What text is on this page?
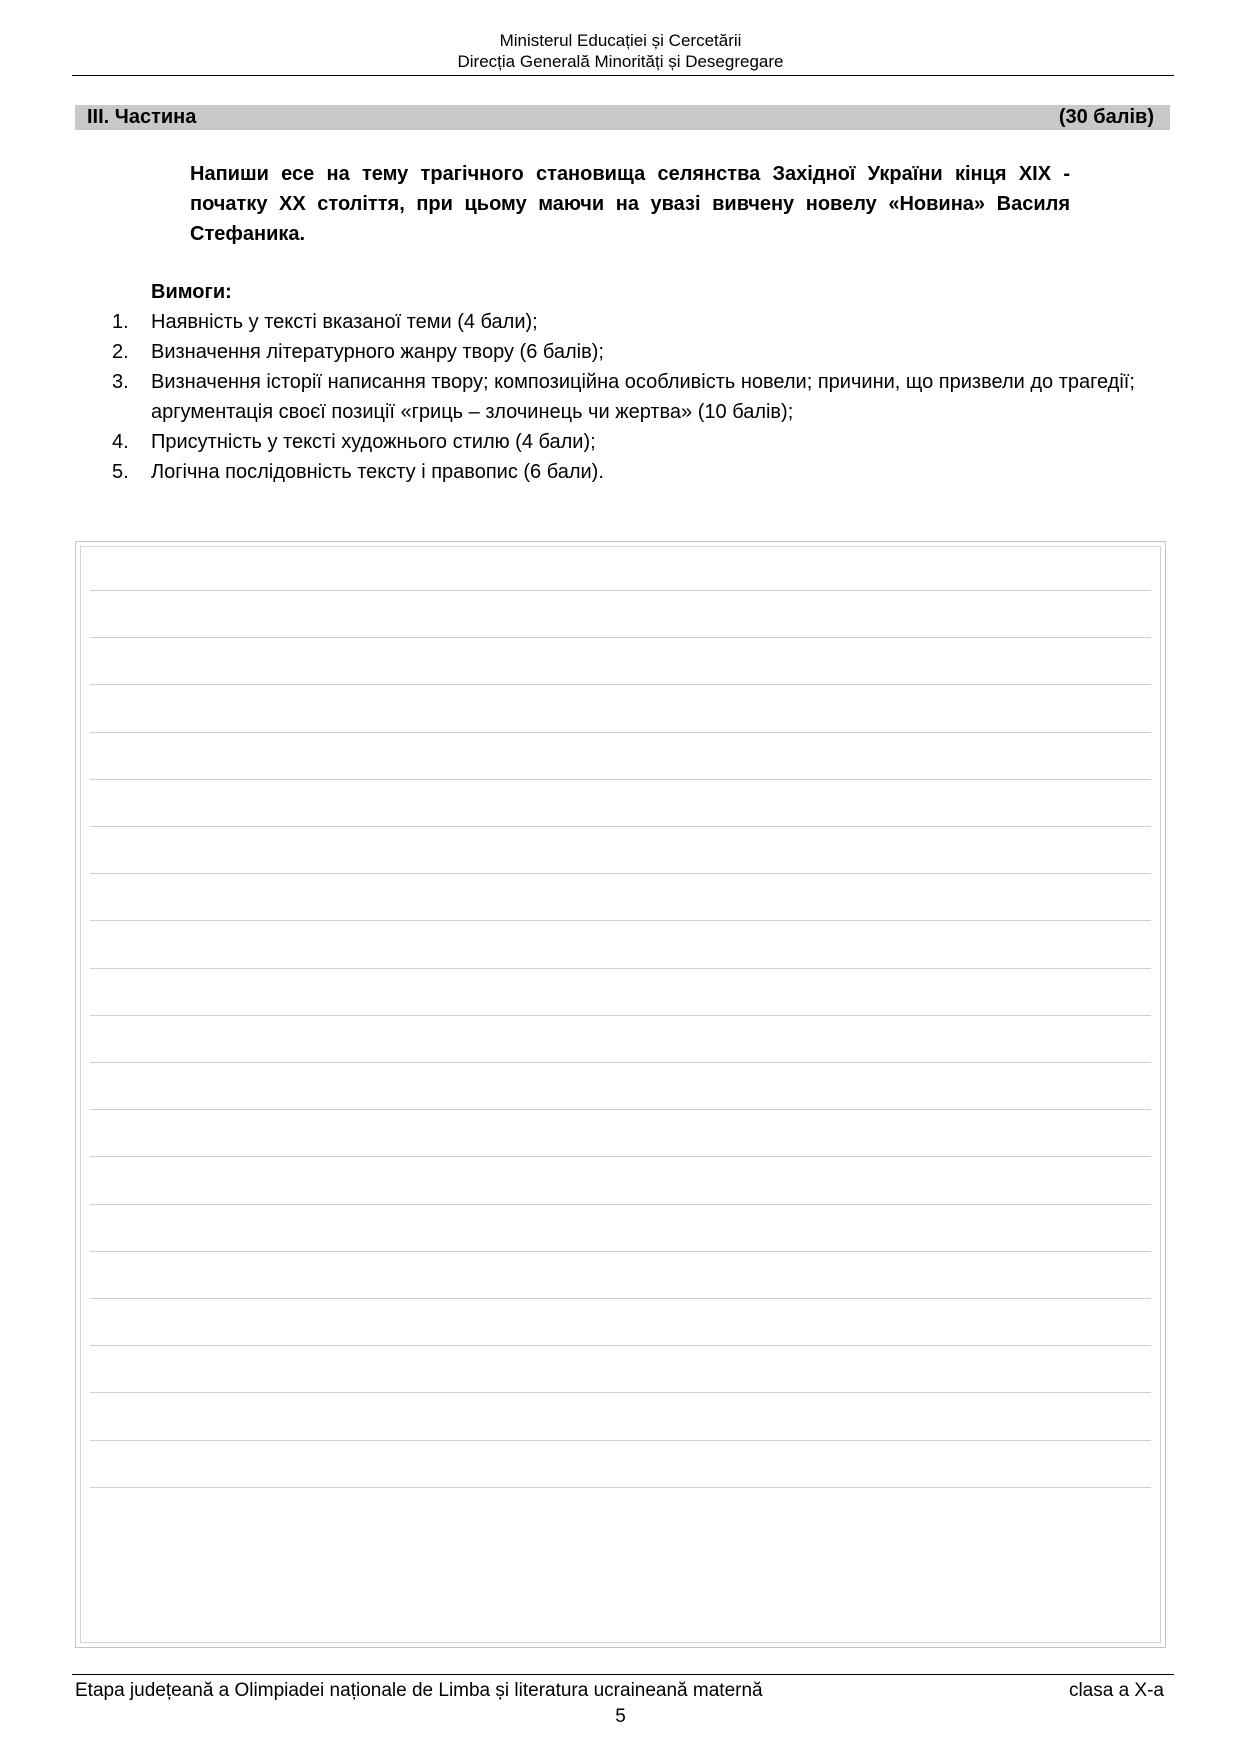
Ministerul Educației și Cercetării
Direcția Generală Minorități și Desegregare
III. Частина	(30 балів)
Напиши есе на тему трагічного становища селянства Західної України кінця XIX - початку XX століття, при цьому маючи на увазі вивчену новелу «Новина» Василя Стефаника.
Вимоги:
1. Наявність у тексті вказаної теми (4 бали);
2. Визначення літературного жанру твору (6 балів);
3. Визначення історії написання твору; композиційна особливість новели; причини, що призвели до трагедії; аргументація своєї позиції «гриць – злочинець чи жертва» (10 балів);
4. Присутність у тексті художнього стилю (4 бали);
5. Логічна послідовність тексту і правопис (6 бали).
Etapa județeană a Olimpiadei naționale de Limba și literatura ucraineană maternă	clasa a X-a
5
